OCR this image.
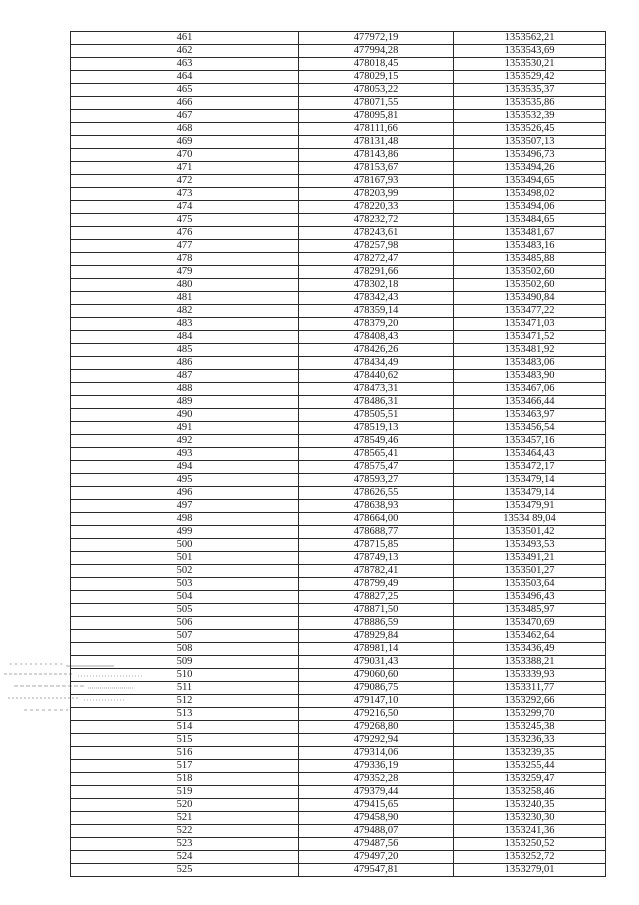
461	477972,19	1353562,21
462	477994,28	1353543,69
463	478018,45	1353530,21
464	478029,15	1353529,42
465	478053,22	1353535,37
466	478071,55	1353535,86
467	478095,81	1353532,39
468	478111,66	1353526,45
469	478131,48	1353507,13
470	478143,86	1353496,73
471	478153,67	1353494,26
472	478167,93	1353494,65
473	478203,99	1353498,02
474	478220,33	1353494,06
475	478232,72	1353484,65
476	478243,61	1353481,67
477	478257,98	1353483,16
478	478272,47	1353485,88
479	478291,66	1353502,60
480	478302,18	1353502,60
481	478342,43	1353490,84
482	478359,14	1353477,22
483	478379,20	1353471,03
484	478408,43	1353471,52
485	478426,26	1353481,92
486	478434,49	1353483,06
487	478440,62	1353483,90
488	478473,31	1353467,06
489	478486,31	1353466,44
490	478505,51	1353463,97
491	478519,13	1353456,54
492	478549,46	1353457,16
493	478565,41	1353464,43
494	478575,47	1353472,17
495	478593,27	1353479,14
496	478626,55	1353479,14
497	478638,93	1353479,91
498	478664,00	13534 89,04
499	478688,77	1353501,42
500	478715,85	1353493,53
501	478749,13	1353491,21
502	478782,41	1353501,27
503	478799,49	1353503,64
504	478827,25	1353496,43
505	478871,50	1353485,97
506	478886,59	1353470,69
507	478929,84	1353462,64
508	478981,14	1353436,49
509	479031,43	1353388,21
510	479060,60	1353339,93
511	479086,75	1353311,77
512	479147,10	1353292,66
513	479216,50	1353299,70
514	479268,80	1353245,38
515	479292,94	1353236,33
516	479314,06	1353239,35
517	479336,19	1353255,44
518	479352,28	1353259,47
519	479379,44	1353258,46
520	479415,65	1353240,35
521	479458,90	1353230,30
522	479488,07	1353241,36
523	479487,56	1353250,52
524	479497,20	1353252,72
525	479547,81	1353279,01
